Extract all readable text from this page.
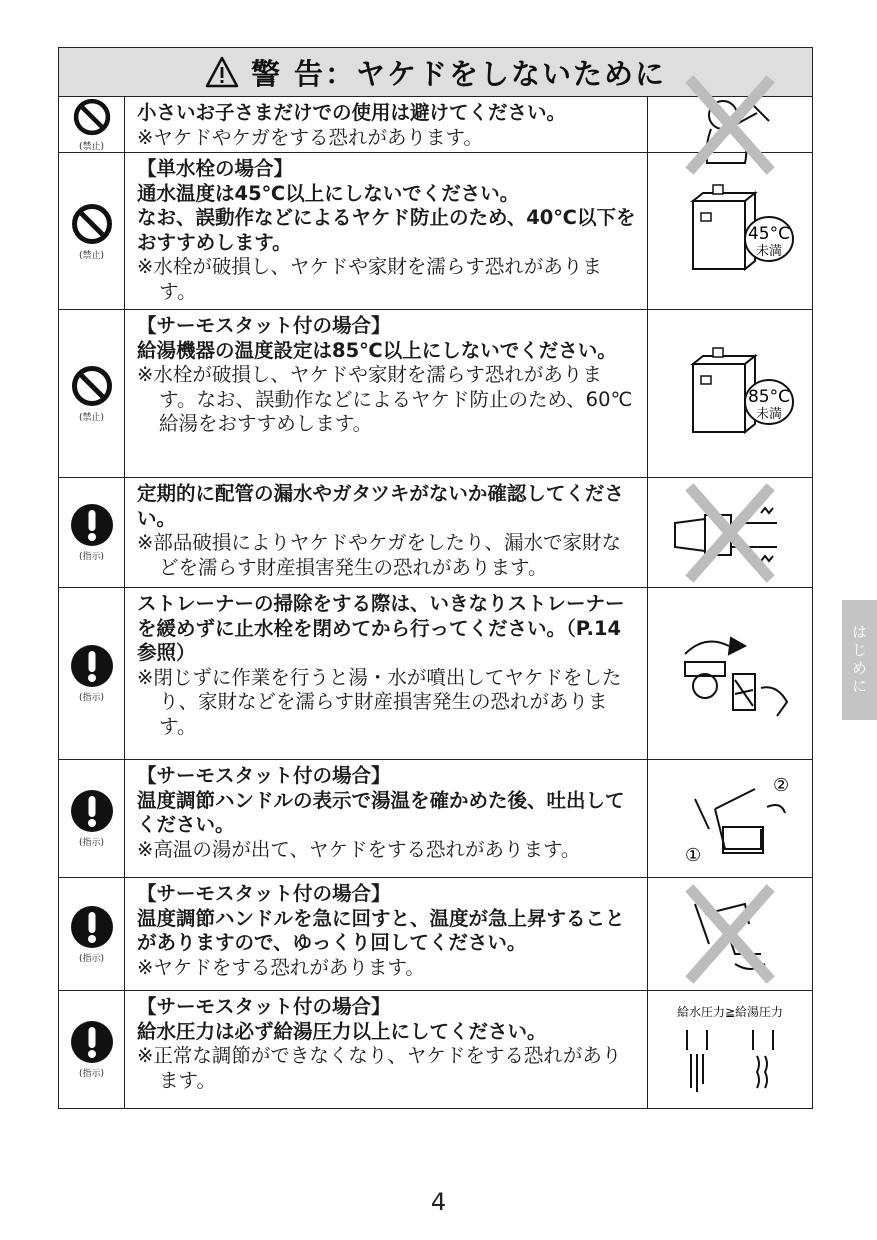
警 告：ヤケドをしないために
(禁止)
小さいお子さまだけでの使用は避けてください。
※ヤケドやケガをする恐れがあります。
(禁止)
【単水栓の場合】
通水温度は45℃以上にしないでください。
なお、誤動作などによるヤケド防止のため、40℃以下をおすすめします。
※水栓が破損し、ヤケドや家財を濡らす恐れがあります。
45°C
未満
(禁止)
【サーモスタット付の場合】
給湯機器の温度設定は85℃以上にしないでください。
※水栓が破損し、ヤケドや家財を濡らす恐れがあります。なお、誤動作などによるヤケド防止のため、60℃給湯をおすすめします。
85°C
未満
(指示)
定期的に配管の漏水やガタツキがないか確認してください。
※部品破損によりヤケドやケガをしたり、漏水で家財などを濡らす財産損害発生の恐れがあります。
(指示)
ストレーナーの掃除をする際は、いきなりストレーナーを緩めずに止水栓を閉めてから行ってください。（P.14参照）
※閉じずに作業を行うと湯・水が噴出してヤケドをしたり、家財などを濡らす財産損害発生の恐れがあります。
(指示)
【サーモスタット付の場合】
温度調節ハンドルの表示で湯温を確かめた後、吐出してください。
※高温の湯が出て、ヤケドをする恐れがあります。
②
①
(指示)
【サーモスタット付の場合】
温度調節ハンドルを急に回すと、温度が急上昇することがありますので、ゆっくり回してください。
※ヤケドをする恐れがあります。
(指示)
【サーモスタット付の場合】
給水圧力は必ず給湯圧力以上にしてください。
※正常な調節ができなくなり、ヤケドをする恐れがあります。
給水圧力≧給湯圧力
はじめに
4
